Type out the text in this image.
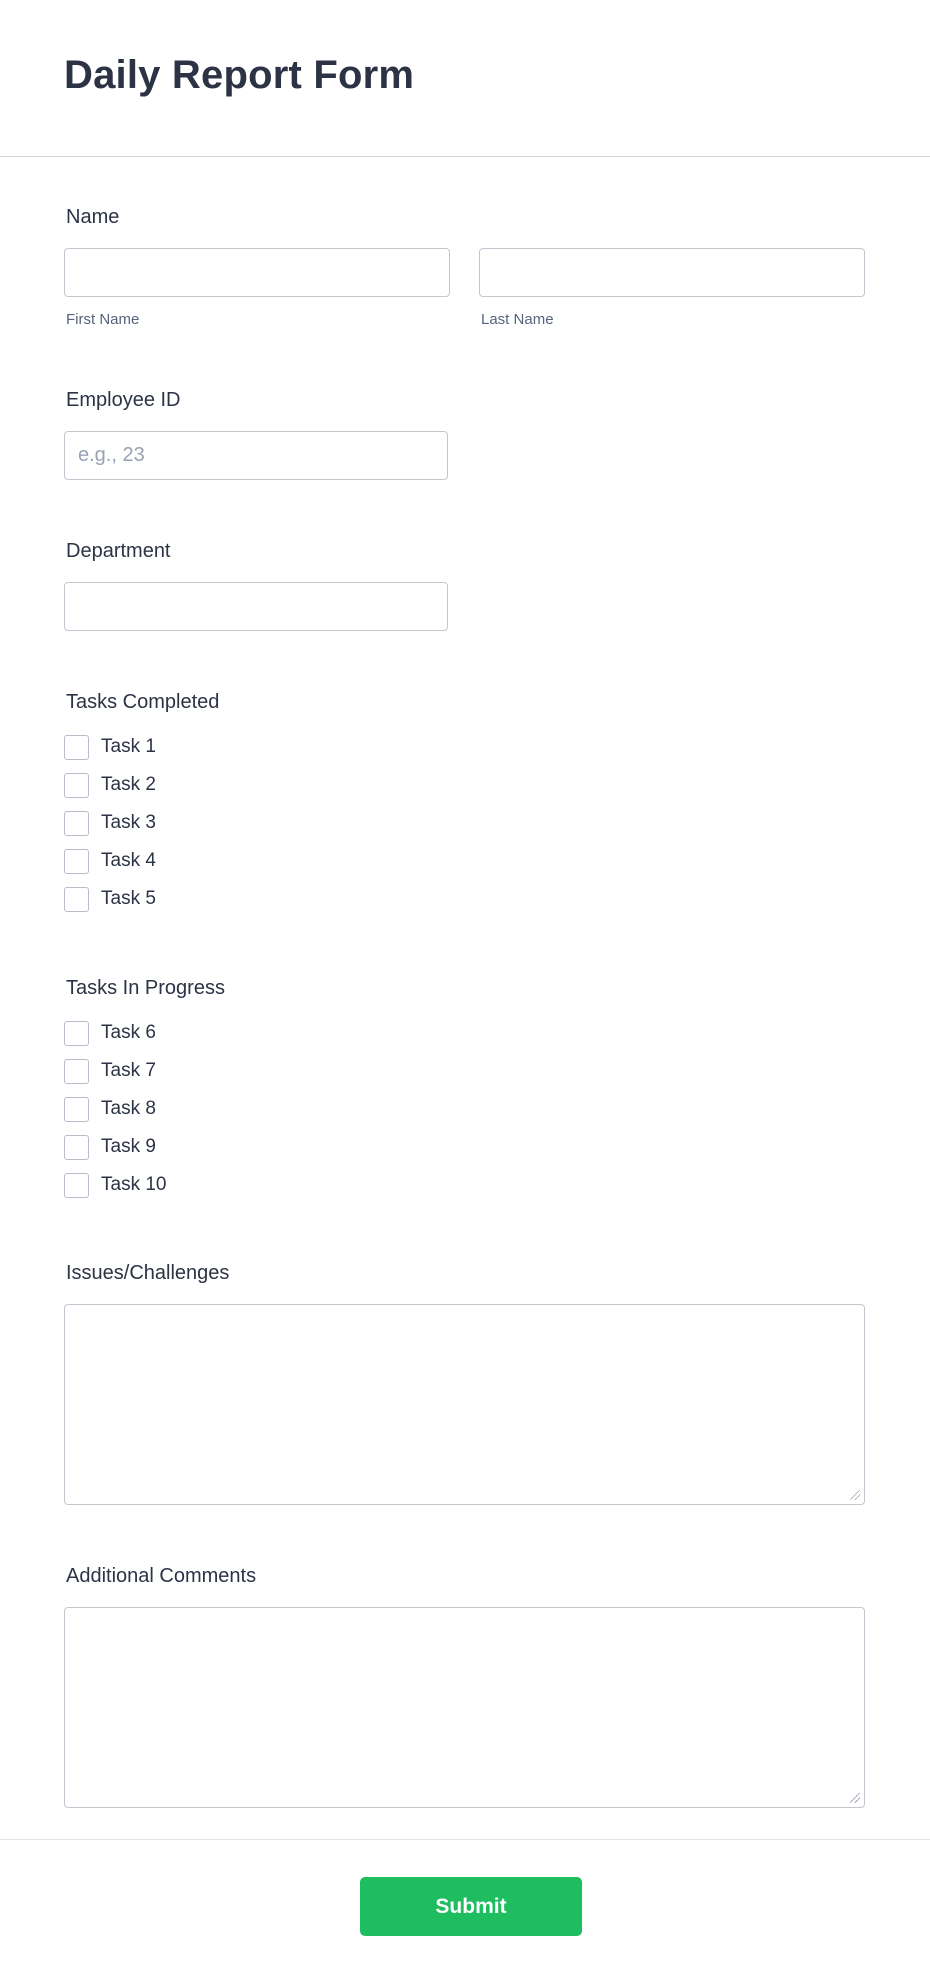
Daily Report Form
Name
First Name	Last Name
Employee ID
e.g., 23
Department
Tasks Completed
Task 1
Task 2
Task 3
Task 4
Task 5
Tasks In Progress
Task 6
Task 7
Task 8
Task 9
Task 10
Issues/Challenges
Additional Comments
Submit
